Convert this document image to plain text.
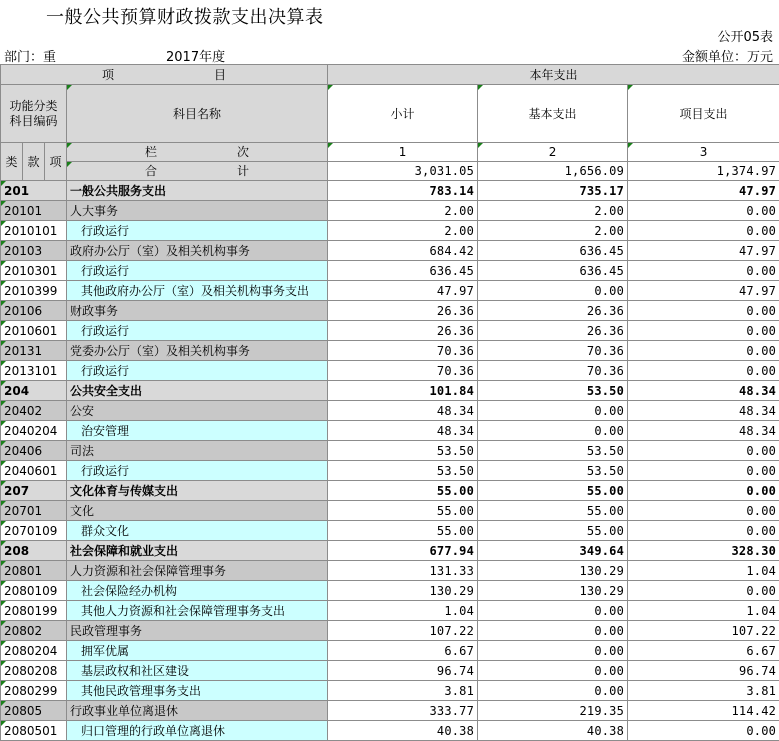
一般公共预算财政拨款支出决算表
公开05表
部门：重	2017年度	金额单位：万元
项 目				本年支出		
功能分类科目编码			科目名称	小计	基本支出	项目支出
类	款	项	栏 次	1	2	3
			合 计	3,031.05	1,656.09	1,374.97
201			一般公共服务支出	783.14	735.17	47.97
20101			人大事务	2.00	2.00	0.00
2010101			行政运行	2.00	2.00	0.00
20103			政府办公厅（室）及相关机构事务	684.42	636.45	47.97
2010301			行政运行	636.45	636.45	0.00
2010399			其他政府办公厅（室）及相关机构事务支出	47.97	0.00	47.97
20106			财政事务	26.36	26.36	0.00
2010601			行政运行	26.36	26.36	0.00
20131			党委办公厅（室）及相关机构事务	70.36	70.36	0.00
2013101			行政运行	70.36	70.36	0.00
204			公共安全支出	101.84	53.50	48.34
20402			公安	48.34	0.00	48.34
2040204			治安管理	48.34	0.00	48.34
20406			司法	53.50	53.50	0.00
2040601			行政运行	53.50	53.50	0.00
207			文化体育与传媒支出	55.00	55.00	0.00
20701			文化	55.00	55.00	0.00
2070109			群众文化	55.00	55.00	0.00
208			社会保障和就业支出	677.94	349.64	328.30
20801			人力资源和社会保障管理事务	131.33	130.29	1.04
2080109			社会保险经办机构	130.29	130.29	0.00
2080199			其他人力资源和社会保障管理事务支出	1.04	0.00	1.04
20802			民政管理事务	107.22	0.00	107.22
2080204			拥军优属	6.67	0.00	6.67
2080208			基层政权和社区建设	96.74	0.00	96.74
2080299			其他民政管理事务支出	3.81	0.00	3.81
20805			行政事业单位离退休	333.77	219.35	114.42
2080501			归口管理的行政单位离退休	40.38	40.38	0.00
